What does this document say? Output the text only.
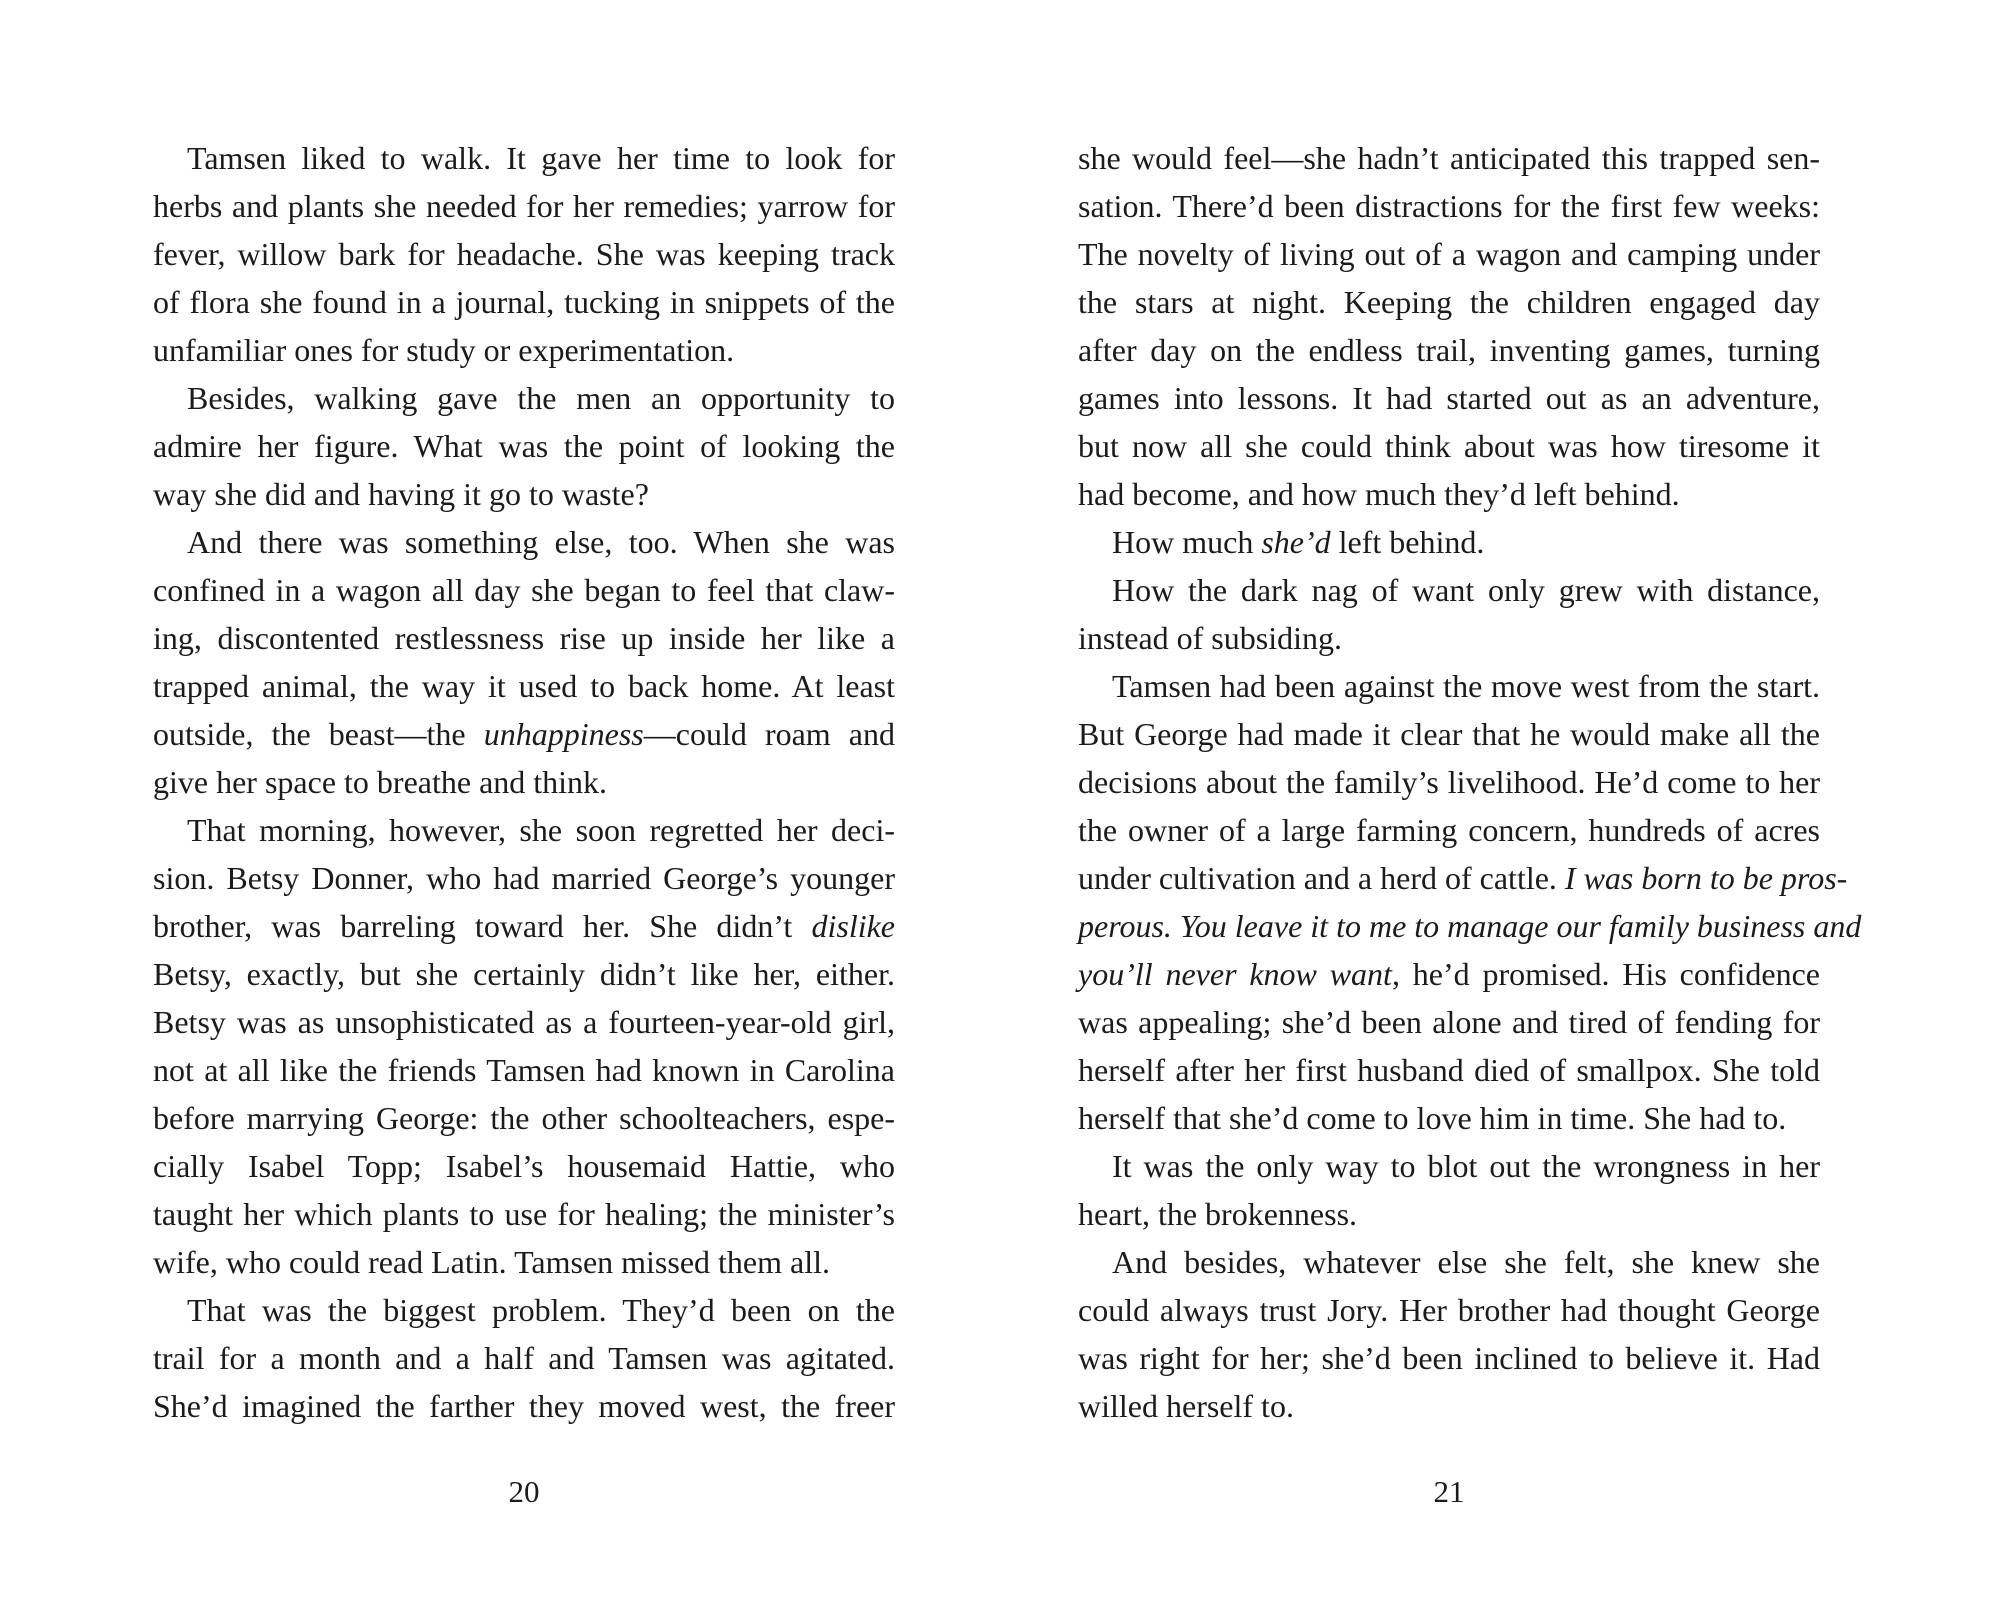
Tamsen liked to walk. It gave her time to look for
herbs and plants she needed for her remedies; yarrow for
fever, willow bark for headache. She was keeping track
of flora she found in a journal, tucking in snippets of the
unfamiliar ones for study or experimentation.
Besides, walking gave the men an opportunity to
admire her figure. What was the point of looking the
way she did and having it go to waste?
And there was something else, too. When she was
confined in a wagon all day she began to feel that claw-
ing, discontented restlessness rise up inside her like a
trapped animal, the way it used to back home. At least
outside, the beast—the unhappiness—could roam and
give her space to breathe and think.
That morning, however, she soon regretted her deci-
sion. Betsy Donner, who had married George’s younger
brother, was barreling toward her. She didn’t dislike
Betsy, exactly, but she certainly didn’t like her, either.
Betsy was as unsophisticated as a fourteen-year-old girl,
not at all like the friends Tamsen had known in Carolina
before marrying George: the other schoolteachers, espe-
cially Isabel Topp; Isabel’s housemaid Hattie, who
taught her which plants to use for healing; the minister’s
wife, who could read Latin. Tamsen missed them all.
That was the biggest problem. They’d been on the
trail for a month and a half and Tamsen was agitated.
She’d imagined the farther they moved west, the freer
she would feel—she hadn’t anticipated this trapped sen-
sation. There’d been distractions for the first few weeks:
The novelty of living out of a wagon and camping under
the stars at night. Keeping the children engaged day
after day on the endless trail, inventing games, turning
games into lessons. It had started out as an adventure,
but now all she could think about was how tiresome it
had become, and how much they’d left behind.
How much she’d left behind.
How the dark nag of want only grew with distance,
instead of subsiding.
Tamsen had been against the move west from the start.
But George had made it clear that he would make all the
decisions about the family’s livelihood. He’d come to her
the owner of a large farming concern, hundreds of acres
under cultivation and a herd of cattle. I was born to be pros-
perous. You leave it to me to manage our family business and
you’ll never know want, he’d promised. His confidence
was appealing; she’d been alone and tired of fending for
herself after her first husband died of smallpox. She told
herself that she’d come to love him in time. She had to.
It was the only way to blot out the wrongness in her
heart, the brokenness.
And besides, whatever else she felt, she knew she
could always trust Jory. Her brother had thought George
was right for her; she’d been inclined to believe it. Had
willed herself to.
20	21
